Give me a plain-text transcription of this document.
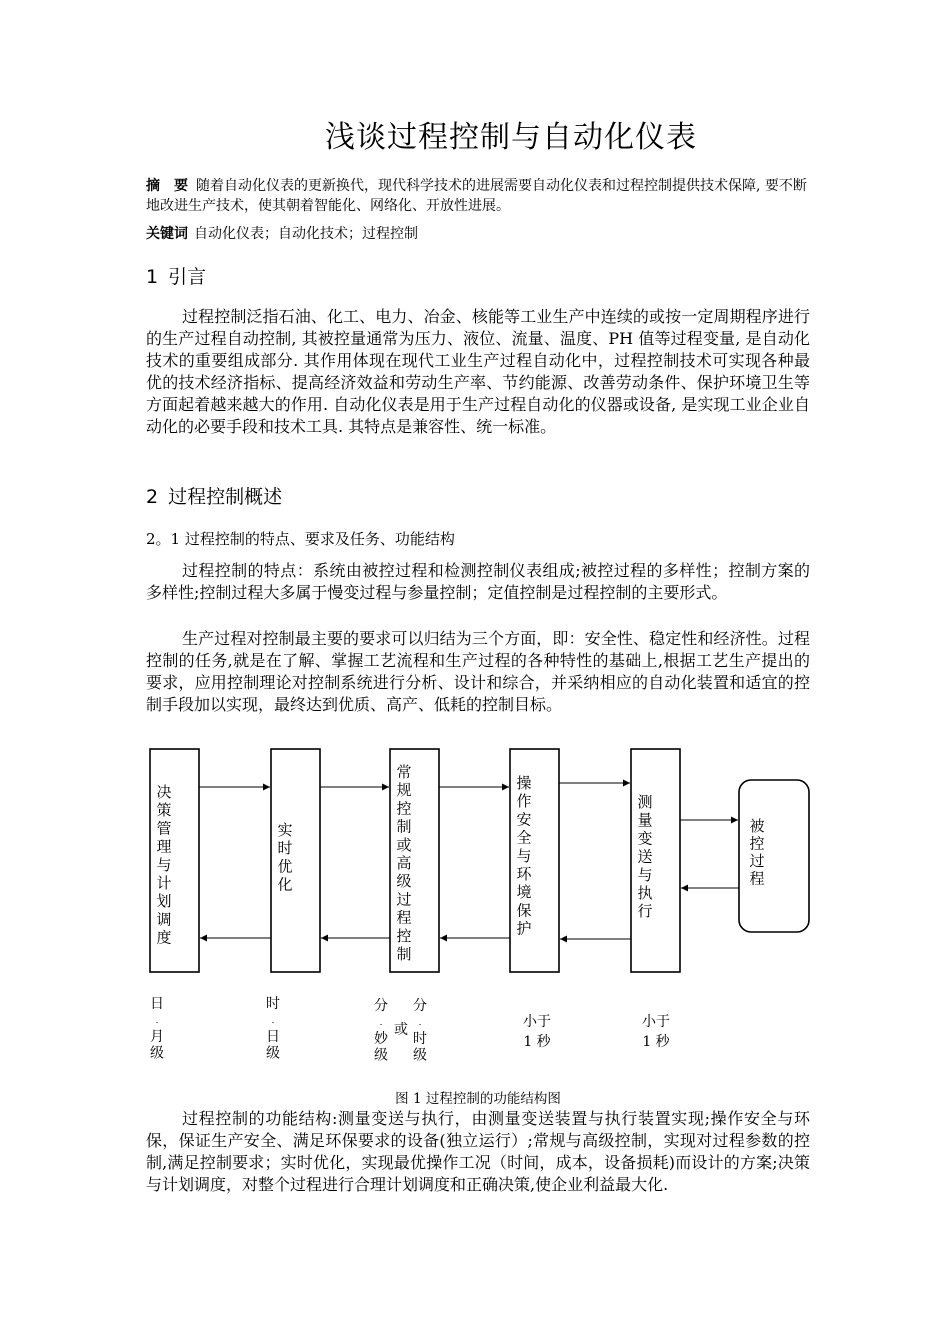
浅谈过程控制与自动化仪表
摘　要 随着自动化仪表的更新换代，现代科学技术的进展需要自动化仪表和过程控制提供技术保障, 要不断地改进生产技术，使其朝着智能化、网络化、开放性进展。
关键词 自动化仪表；自动化技术；过程控制
1 引言
过程控制泛指石油、化工、电力、冶金、核能等工业生产中连续的或按一定周期程序进行的生产过程自动控制, 其被控量通常为压力、液位、流量、温度、PH 值等过程变量, 是自动化技术的重要组成部分. 其作用体现在现代工业生产过程自动化中，过程控制技术可实现各种最优的技术经济指标、提高经济效益和劳动生产率、节约能源、改善劳动条件、保护环境卫生等方面起着越来越大的作用. 自动化仪表是用于生产过程自动化的仪器或设备, 是实现工业企业自动化的必要手段和技术工具. 其特点是兼容性、统一标准。
2 过程控制概述
2。1 过程控制的特点、要求及任务、功能结构
过程控制的特点：系统由被控过程和检测控制仪表组成;被控过程的多样性；控制方案的多样性;控制过程大多属于慢变过程与参量控制；定值控制是过程控制的主要形式。
生产过程对控制最主要的要求可以归结为三个方面，即：安全性、稳定性和经济性。过程控制的任务,就是在了解、掌握工艺流程和生产过程的各种特性的基础上,根据工艺生产提出的要求，应用控制理论对控制系统进行分析、设计和综合，并采纳相应的自动化装置和适宜的控制手段加以实现，最终达到优质、高产、低耗的控制目标。
决策管理与计划调度
实时优化
常规控制或高级过程控制
操作安全与环境保护
测量变送与执行
被控过程
日-月级
时-日级
分-妙级
分-时级
或	小于 1 秒
小于 1 秒
图 1 过程控制的功能结构图
过程控制的功能结构:测量变送与执行，由测量变送装置与执行装置实现;操作安全与环保，保证生产安全、满足环保要求的设备(独立运行）;常规与高级控制，实现对过程参数的控制,满足控制要求；实时优化，实现最优操作工况（时间，成本，设备损耗)而设计的方案;决策与计划调度，对整个过程进行合理计划调度和正确决策,使企业利益最大化.
